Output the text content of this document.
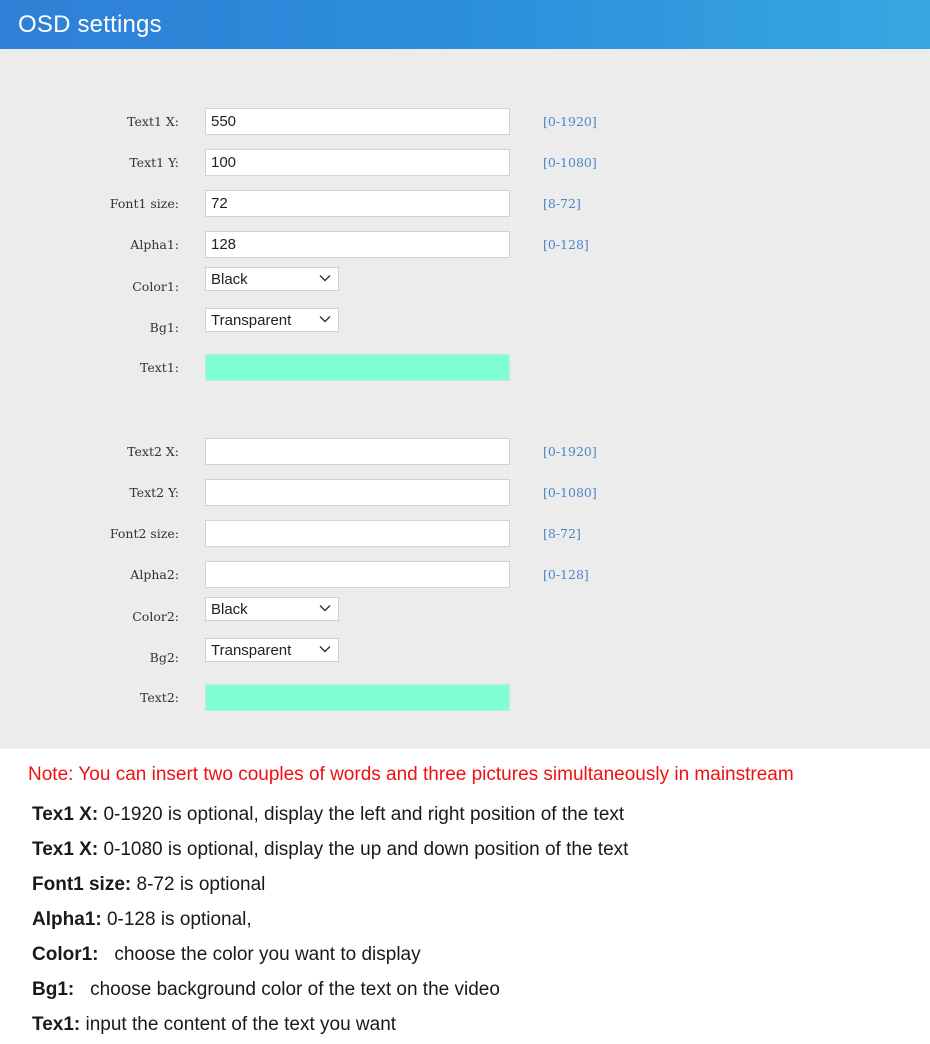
OSD settings
Text1 X:
550	[0-1920]
Text1 Y:
100	[0-1080]
Font1 size:
72	[8-72]
Alpha1:
128	[0-128]
Color1: Black
Bg1: Transparent
Text1:
Text2 X:	[0-1920]
Text2 Y:	[0-1080]
Font2 size:	[8-72]
Alpha2:	[0-128]
Color2: Black
Bg2: Transparent
Text2:
Note: You can insert two couples of words and three pictures simultaneously in mainstream
Tex1 X: 0-1920 is optional, display the left and right position of the text
Tex1 X: 0-1080 is optional, display the up and down position of the text
Font1 size: 8-72 is optional
Alpha1: 0-128 is optional,
Color1:   choose the color you want to display
Bg1:   choose background color of the text on the video
Tex1: input the content of the text you want
